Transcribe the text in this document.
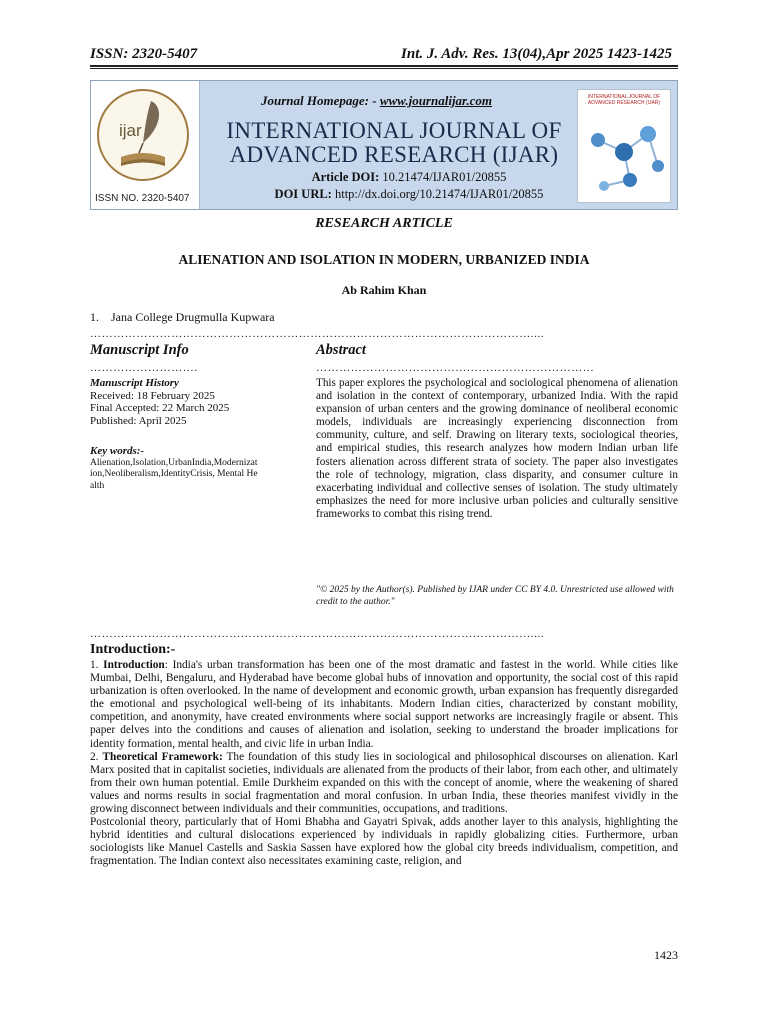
ISSN: 2320-5407	Int. J. Adv. Res. 13(04),Apr 2025 1423-1425
ijar
ISSN NO. 2320-5407
Journal Homepage: - www.journalijar.com
INTERNATIONAL JOURNAL OF
ADVANCED RESEARCH (IJAR)
Article DOI: 10.21474/IJAR01/20855
DOI URL: http://dx.doi.org/10.21474/IJAR01/20855
INTERNATIONAL JOURNAL OF ADVANCED RESEARCH (IJAR)
RESEARCH ARTICLE
ALIENATION AND ISOLATION IN MODERN, URBANIZED INDIA
Ab Rahim Khan
1.    Jana College Drugmulla Kupwara
……………………………………………………………………………………………………....
Manuscript Info
……………………….
Manuscript History
Received: 18 February 2025
Final Accepted: 22 March 2025
Published: April 2025
Key words:-
Alienation,Isolation,UrbanIndia,Modernization,Neoliberalism,IdentityCrisis, Mental Health
Abstract
………………………………………………………………

This paper explores the psychological and sociological phenomena of alienation and isolation in the context of contemporary, urbanized India. With the rapid expansion of urban centers and the growing dominance of neoliberal economic models, individuals are increasingly experiencing disconnection from community, culture, and self. Drawing on literary texts, sociological theories, and empirical studies, this research analyzes how modern Indian urban life fosters alienation across different strata of society. The paper also investigates the role of technology, migration, class disparity, and consumer culture in exacerbating individual and collective senses of isolation. The study ultimately emphasizes the need for more inclusive urban policies and culturally sensitive frameworks to combat this rising trend.

"© 2025 by the Author(s). Published by IJAR under CC BY 4.0. Unrestricted use allowed with credit to the author."
……………………………………………………………………………………………………....
Introduction:-

1. Introduction: India's urban transformation has been one of the most dramatic and fastest in the world. While cities like Mumbai, Delhi, Bengaluru, and Hyderabad have become global hubs of innovation and opportunity, the social cost of this rapid urbanization is often overlooked. In the name of development and economic growth, urban expansion has frequently disregarded the emotional and psychological well-being of its inhabitants. Modern Indian cities, characterized by constant mobility, competition, and anonymity, have created environments where social support networks are increasingly fragile or absent. This paper delves into the conditions and causes of alienation and isolation, seeking to understand the broader implications for identity formation, mental health, and civic life in urban India.

2. Theoretical Framework: The foundation of this study lies in sociological and philosophical discourses on alienation. Karl Marx posited that in capitalist societies, individuals are alienated from the products of their labor, from each other, and ultimately from their own human potential. Emile Durkheim expanded on this with the concept of anomie, where the weakening of shared values and norms results in social fragmentation and moral confusion. In urban India, these theories manifest vividly in the growing disconnect between individuals and their communities, occupations, and traditions.

Postcolonial theory, particularly that of Homi Bhabha and Gayatri Spivak, adds another layer to this analysis, highlighting the hybrid identities and cultural dislocations experienced by individuals in rapidly globalizing cities. Furthermore, urban sociologists like Manuel Castells and Saskia Sassen have explored how the global city breeds individualism, competition, and fragmentation. The Indian context also necessitates examining caste, religion, and

1423
